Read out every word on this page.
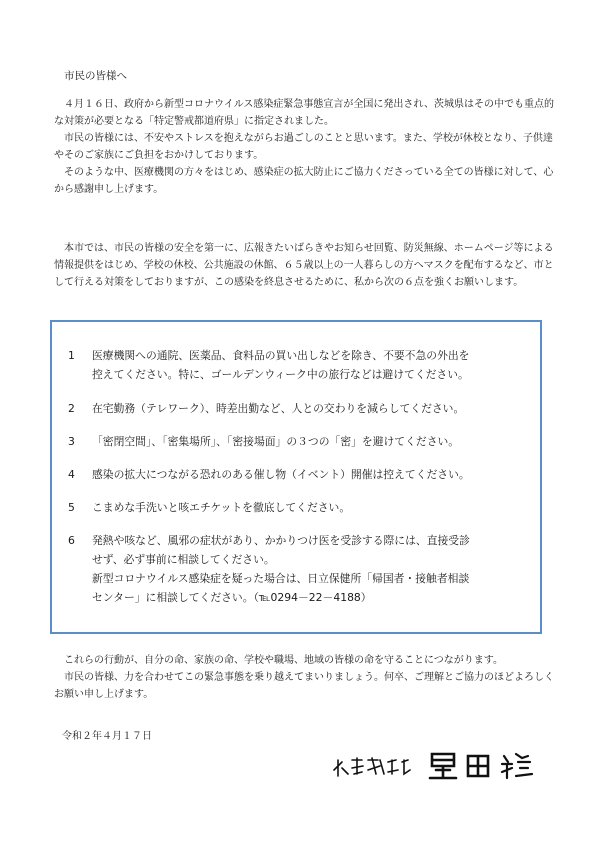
市民の皆様へ

４月１６日、政府から新型コロナウイルス感染症緊急事態宣言が全国に発出され、茨城県はその中でも重点的な対策が必要となる「特定警戒都道府県」に指定されました。

市民の皆様には、不安やストレスを抱えながらお過ごしのことと思います。また、学校が休校となり、子供達やそのご家族にご負担をおかけしております。

そのような中、医療機関の方々をはじめ、感染症の拡大防止にご協力くださっている全ての皆様に対して、心から感謝申し上げます。

本市では、市民の皆様の安全を第一に、広報きたいばらきやお知らせ回覧、防災無線、ホームページ等による情報提供をはじめ、学校の休校、公共施設の休館、６５歳以上の一人暮らしの方へマスクを配布するなど、市として行える対策をしておりますが、この感染を終息させるために、私から次の６点を強くお願いします。

1	医療機関への通院、医薬品、食料品の買い出しなどを除き、不要不急の外出を
控えてください。特に、ゴールデンウィーク中の旅行などは避けてください。
2	在宅勤務（テレワーク）、時差出勤など、人との交わりを減らしてください。
3	「密閉空間」、「密集場所」、「密接場面」の３つの「密」を避けてください。
4	感染の拡大につながる恐れのある催し物（イベント）開催は控えてください。
5	こまめな手洗いと咳エチケットを徹底してください。
6	発熱や咳など、風邪の症状があり、かかりつけ医を受診する際には、直接受診
せず、必ず事前に相談してください。
新型コロナウイルス感染症を疑った場合は、日立保健所「帰国者・接触者相談
センター」に相談してください。（℡0294－22－4188）

これらの行動が、自分の命、家族の命、学校や職場、地域の皆様の命を守ることにつながります。

市民の皆様、力を合わせてこの緊急事態を乗り越えてまいりましょう。何卒、ご理解とご協力のほどよろしくお願い申し上げます。

令和２年４月１７日
